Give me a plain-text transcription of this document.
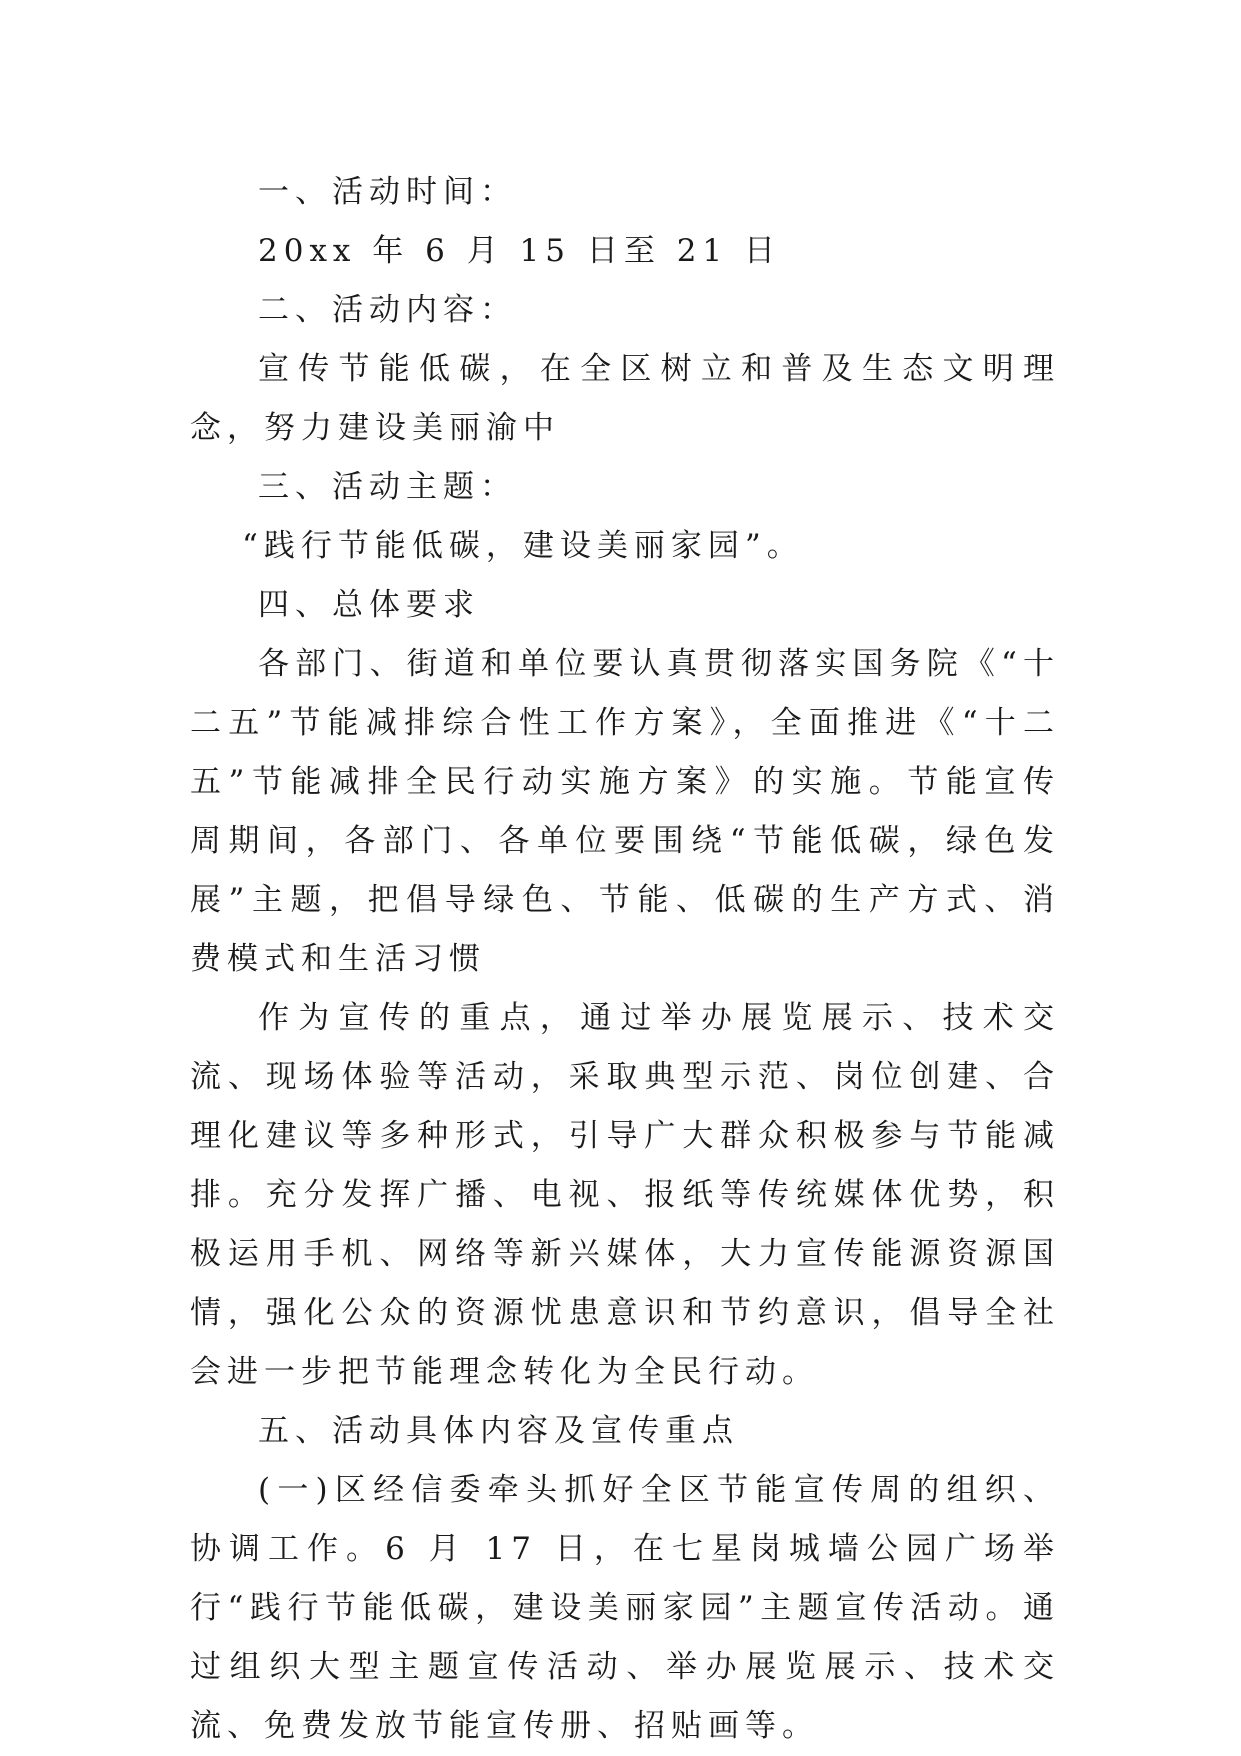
一、活动时间：

20xx 年 6 月 15 日至 21 日

二、活动内容：

宣传节能低碳，在全区树立和普及生态文明理念，努力建设美丽渝中

三、活动主题：

“践行节能低碳，建设美丽家园”。

四、总体要求

各部门、街道和单位要认真贯彻落实国务院《“十二五”节能减排综合性工作方案》，全面推进《“十二五”节能减排全民行动实施方案》的实施。节能宣传周期间，各部门、各单位要围绕“节能低碳，绿色发展”主题，把倡导绿色、节能、低碳的生产方式、消费模式和生活习惯

作为宣传的重点，通过举办展览展示、技术交流、现场体验等活动，采取典型示范、岗位创建、合理化建议等多种形式，引导广大群众积极参与节能减排。充分发挥广播、电视、报纸等传统媒体优势，积极运用手机、网络等新兴媒体，大力宣传能源资源国情，强化公众的资源忧患意识和节约意识，倡导全社会进一步把节能理念转化为全民行动。

五、活动具体内容及宣传重点

(一)区经信委牵头抓好全区节能宣传周的组织、协调工作。6 月 17 日，在七星岗城墙公园广场举行“践行节能低碳，建设美丽家园”主题宣传活动。通过组织大型主题宣传活动、举办展览展示、技术交流、免费发放节能宣传册、招贴画等。
